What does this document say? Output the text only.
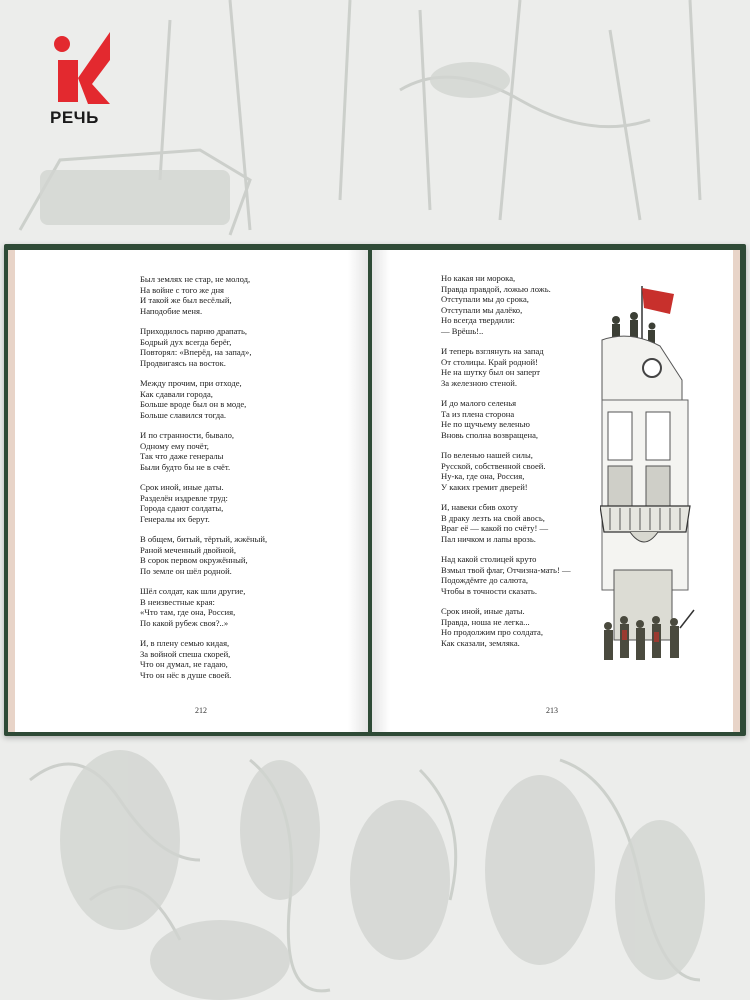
РЕЧЬ
Был землях не стар, не молод,
На войне с того же дня
И такой же был весёлый,
Наподобие меня.
Приходилось парню драпать,
Бодрый дух всегда берёг,
Повторял: «Вперёд, на запад»,
Продвигаясь на восток.
Между прочим, при отходе,
Как сдавали города,
Больше вроде был он в моде,
Больше славился тогда.
И по странности, бывало,
Одному ему почёт,
Так что даже генералы
Были будто бы не в счёт.
Срок иной, иные даты.
Разделён издревле труд:
Города сдают солдаты,
Генералы их берут.
В общем, битый, тёртый, жжёный,
Раной меченный двойной,
В сорок первом окружённый,
По земле он шёл родной.
Шёл солдат, как шли другие,
В неизвестные края:
«Что там, где она, Россия,
По какой рубеж своя?..»
И, в плену семью кидая,
За войной спеша скорей,
Что он думал, не гадаю,
Что он нёс в душе своей.
212
Но какая ни морока,
Правда правдой, ложью ложь.
Отступали мы до срока,
Отступали мы далёко,
Но всегда твердили:
— Врёшь!..
И теперь взглянуть на запад
От столицы. Край родной!
Не на шутку был он заперт
За железною стеной.
И до малого селенья
Та из плена сторона
Не по щучьему веленью
Вновь сполна возвращена,
По веленью нашей силы,
Русской, собственной своей.
Ну-ка, где она, Россия,
У каких гремит дверей!
И, навеки сбив охоту
В драку лезть на свой авось,
Враг её — какой по счёту! —
Пал ничком и лапы врозь.
Над какой столицей круто
Взмыл твой флаг, Отчизна-мать! —
Подождёмте до салюта,
Чтобы в точности сказать.
Срок иной, иные даты.
Правда, ноша не легка...
Но продолжим про солдата,
Как сказали, земляка.
213
